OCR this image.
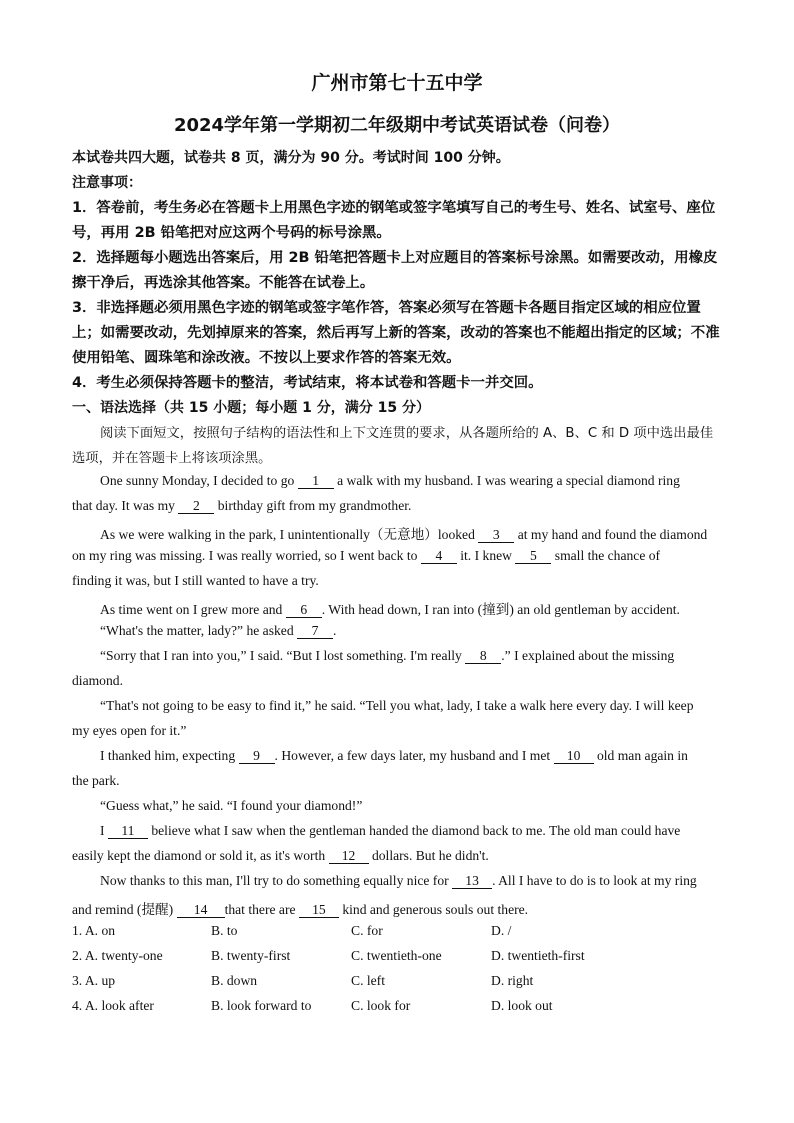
广州市第七十五中学
2024学年第一学期初二年级期中考试英语试卷（问卷）
本试卷共四大题，试卷共 8 页，满分为 90 分。考试时间 100 分钟。
注意事项：
1．答卷前，考生务必在答题卡上用黑色字迹的钢笔或签字笔填写自己的考生号、姓名、试室号、座位号，再用 2B 铅笔把对应这两个号码的标号涂黑。
2．选择题每小题选出答案后，用 2B 铅笔把答题卡上对应题目的答案标号涂黑。如需要改动，用橡皮擦干净后，再选涂其他答案。不能答在试卷上。
3．非选择题必须用黑色字迹的钢笔或签字笔作答，答案必须写在答题卡各题目指定区域的相应位置上；如需要改动，先划掉原来的答案，然后再写上新的答案，改动的答案也不能超出指定的区域；不准使用铅笔、圆珠笔和涂改液。不按以上要求作答的答案无效。
4．考生必须保持答题卡的整洁，考试结束，将本试卷和答题卡一并交回。
一、语法选择（共 15 小题；每小题 1 分，满分 15 分）
阅读下面短文，按照句子结构的语法性和上下文连贯的要求，从各题所给的 A、B、C 和 D 项中选出最佳选项，并在答题卡上将该项涂黑。
One sunny Monday, I decided to go 1 a walk with my husband. I was wearing a special diamond ring
that day. It was my 2 birthday gift from my grandmother.
As we were walking in the park, I unintentionally（无意地）looked 3 at my hand and found the diamond
on my ring was missing. I was really worried, so I went back to 4 it. I knew 5 small the chance of
finding it was, but I still wanted to have a try.
As time went on I grew more and 6 . With head down, I ran into (撞到) an old gentleman by accident.
“What's the matter, lady?” he asked 7 .
“Sorry that I ran into you,” I said. “But I lost something. I'm really 8 .” I explained about the missing
diamond.
“That's not going to be easy to find it,” he said. “Tell you what, lady, I take a walk here every day. I will keep
my eyes open for it.”
I thanked him, expecting 9 . However, a few days later, my husband and I met 10 old man again in
the park.
“Guess what,” he said. “I found your diamond!”
I 11 believe what I saw when the gentleman handed the diamond back to me. The old man could have
easily kept the diamond or sold it, as it's worth 12 dollars. But he didn't.
Now thanks to this man, I'll try to do something equally nice for 13 . All I have to do is to look at my ring
and remind (提醒) 14 that there are 15 kind and generous souls out there.
1. A. on	B. to	C. for	D. /
2. A. twenty-one	B. twenty-first	C. twentieth-one	D. twentieth-first
3. A. up	B. down	C. left	D. right
4. A. look after	B. look forward to	C. look for	D. look out
